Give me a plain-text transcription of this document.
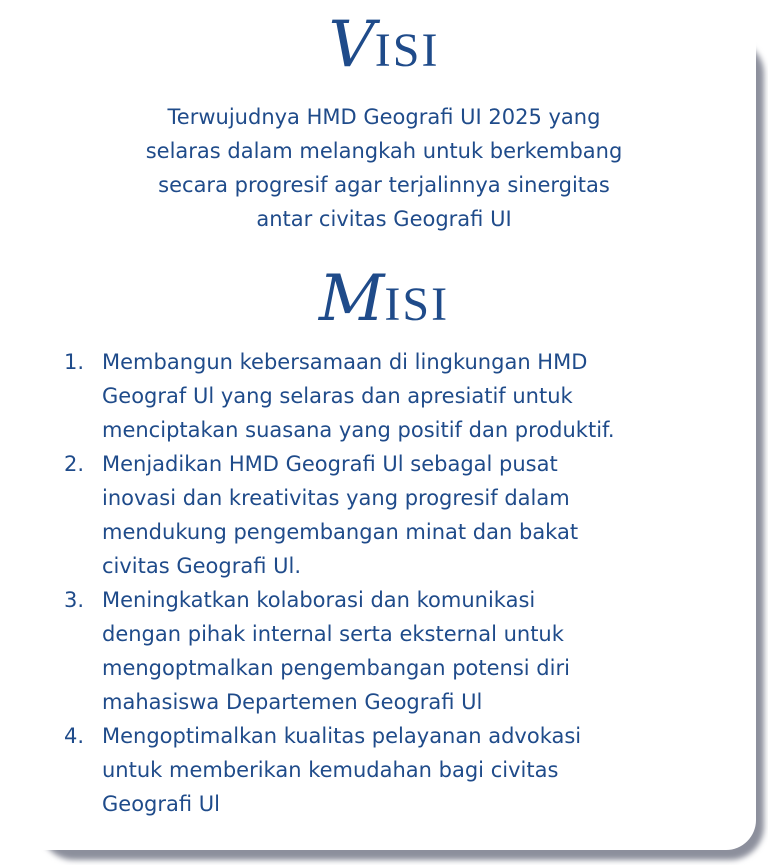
VISI
Terwujudnya HMD Geografi UI 2025 yang
selaras dalam melangkah untuk berkembang
secara progresif agar terjalinnya sinergitas
antar civitas Geografi UI
MISI
1. Membangun kebersamaan di lingkungan HMD
Geograf Ul yang selaras dan apresiatif untuk
menciptakan suasana yang positif dan produktif.
2. Menjadikan HMD Geografi Ul sebagal pusat
inovasi dan kreativitas yang progresif dalam
mendukung pengembangan minat dan bakat
civitas Geografi Ul.
3. Meningkatkan kolaborasi dan komunikasi
dengan pihak internal serta eksternal untuk
mengoptmalkan pengembangan potensi diri
mahasiswa Departemen Geografi Ul
4. Mengoptimalkan kualitas pelayanan advokasi
untuk memberikan kemudahan bagi civitas
Geografi Ul
